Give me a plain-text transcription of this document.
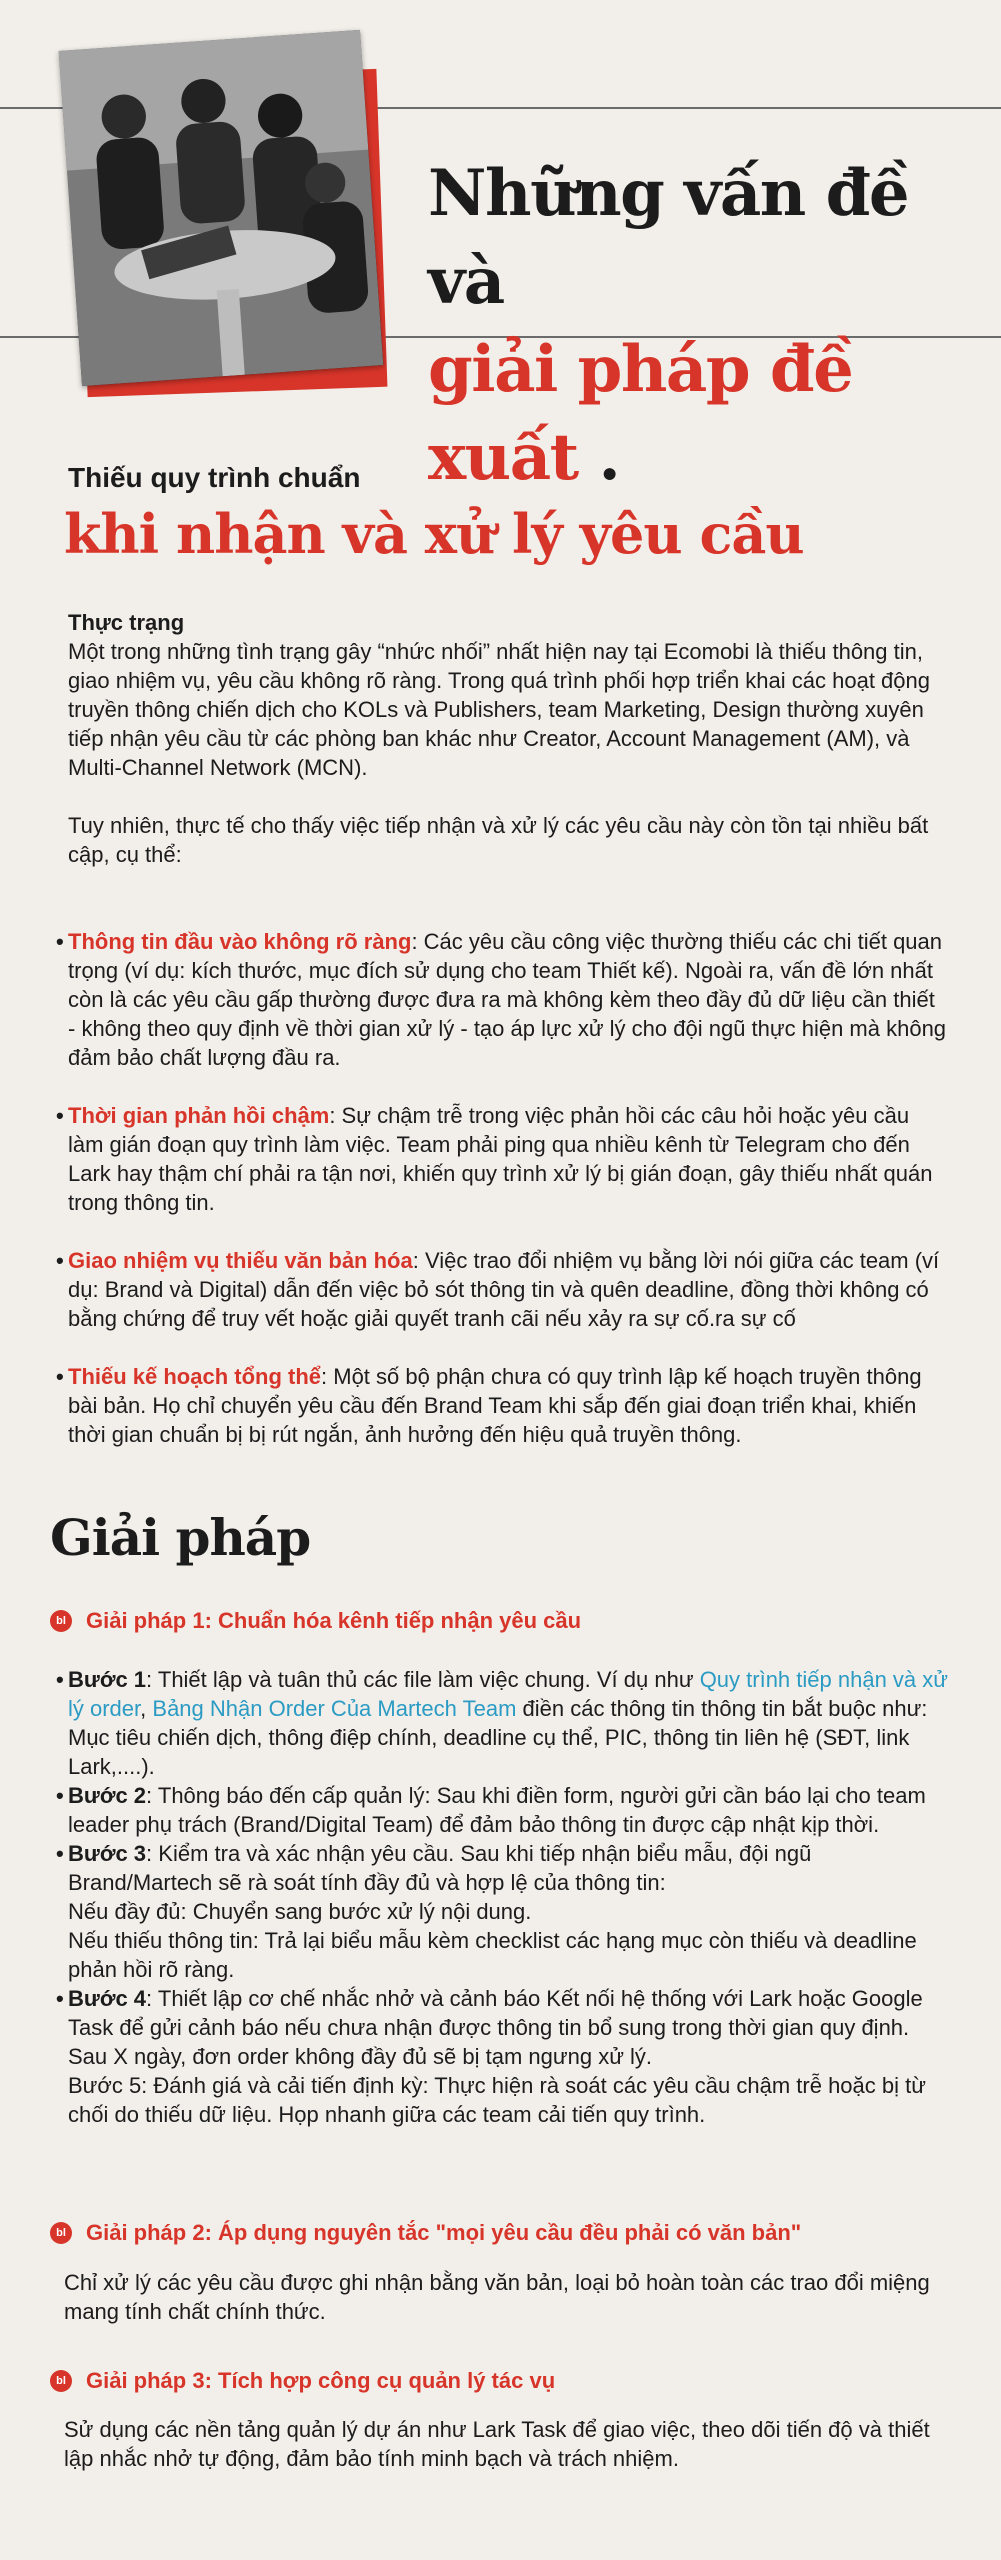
Những vấn đề và
giải pháp đề xuất .
Thiếu quy trình chuẩn
khi nhận và xử lý yêu cầu

Thực trạng

Một trong những tình trạng gây “nhức nhối” nhất hiện nay tại Ecomobi là thiếu thông tin, giao nhiệm vụ, yêu cầu không rõ ràng. Trong quá trình phối hợp triển khai các hoạt động truyền thông chiến dịch cho KOLs và Publishers, team Marketing, Design thường xuyên tiếp nhận yêu cầu từ các phòng ban khác như Creator, Account Management (AM), và Multi-Channel Network (MCN).

Tuy nhiên, thực tế cho thấy việc tiếp nhận và xử lý các yêu cầu này còn tồn tại nhiều bất cập, cụ thể:

• Thông tin đầu vào không rõ ràng: Các yêu cầu công việc thường thiếu các chi tiết quan trọng (ví dụ: kích thước, mục đích sử dụng cho team Thiết kế). Ngoài ra, vấn đề lớn nhất còn là các yêu cầu gấp thường được đưa ra mà không kèm theo đầy đủ dữ liệu cần thiết - không theo quy định về thời gian xử lý - tạo áp lực xử lý cho đội ngũ thực hiện mà không đảm bảo chất lượng đầu ra.

• Thời gian phản hồi chậm: Sự chậm trễ trong việc phản hồi các câu hỏi hoặc yêu cầu làm gián đoạn quy trình làm việc. Team phải ping qua nhiều kênh từ Telegram cho đến Lark hay thậm chí phải ra tận nơi, khiến quy trình xử lý bị gián đoạn, gây thiếu nhất quán trong thông tin.

• Giao nhiệm vụ thiếu văn bản hóa: Việc trao đổi nhiệm vụ bằng lời nói giữa các team (ví dụ: Brand và Digital) dẫn đến việc bỏ sót thông tin và quên deadline, đồng thời không có bằng chứng để truy vết hoặc giải quyết tranh cãi nếu xảy ra sự cố.ra sự cố

• Thiếu kế hoạch tổng thể: Một số bộ phận chưa có quy trình lập kế hoạch truyền thông bài bản. Họ chỉ chuyển yêu cầu đến Brand Team khi sắp đến giai đoạn triển khai, khiến thời gian chuẩn bị bị rút ngắn, ảnh hưởng đến hiệu quả truyền thông.

Giải pháp
bl Giải pháp 1: Chuẩn hóa kênh tiếp nhận yêu cầu

• Bước 1: Thiết lập và tuân thủ các file làm việc chung. Ví dụ như Quy trình tiếp nhận và xử lý order, Bảng Nhận Order Của Martech Team điền các thông tin thông tin bắt buộc như: Mục tiêu chiến dịch, thông điệp chính, deadline cụ thể, PIC, thông tin liên hệ (SĐT, link Lark,....).

• Bước 2: Thông báo đến cấp quản lý: Sau khi điền form, người gửi cần báo lại cho team leader phụ trách (Brand/Digital Team) để đảm bảo thông tin được cập nhật kịp thời.

• Bước 3: Kiểm tra và xác nhận yêu cầu. Sau khi tiếp nhận biểu mẫu, đội ngũ Brand/Martech sẽ rà soát tính đầy đủ và hợp lệ của thông tin:

Nếu đầy đủ: Chuyển sang bước xử lý nội dung.

Nếu thiếu thông tin: Trả lại biểu mẫu kèm checklist các hạng mục còn thiếu và deadline phản hồi rõ ràng.

• Bước 4: Thiết lập cơ chế nhắc nhở và cảnh báo Kết nối hệ thống với Lark hoặc Google Task để gửi cảnh báo nếu chưa nhận được thông tin bổ sung trong thời gian quy định. Sau X ngày, đơn order không đầy đủ sẽ bị tạm ngưng xử lý.

Bước 5: Đánh giá và cải tiến định kỳ: Thực hiện rà soát các yêu cầu chậm trễ hoặc bị từ chối do thiếu dữ liệu. Họp nhanh giữa các team cải tiến quy trình.

bl Giải pháp 2: Áp dụng nguyên tắc "mọi yêu cầu đều phải có văn bản"
Chỉ xử lý các yêu cầu được ghi nhận bằng văn bản, loại bỏ hoàn toàn các trao đổi miệng mang tính chất chính thức.
bl Giải pháp 3: Tích hợp công cụ quản lý tác vụ
Sử dụng các nền tảng quản lý dự án như Lark Task để giao việc, theo dõi tiến độ và thiết lập nhắc nhở tự động, đảm bảo tính minh bạch và trách nhiệm.
